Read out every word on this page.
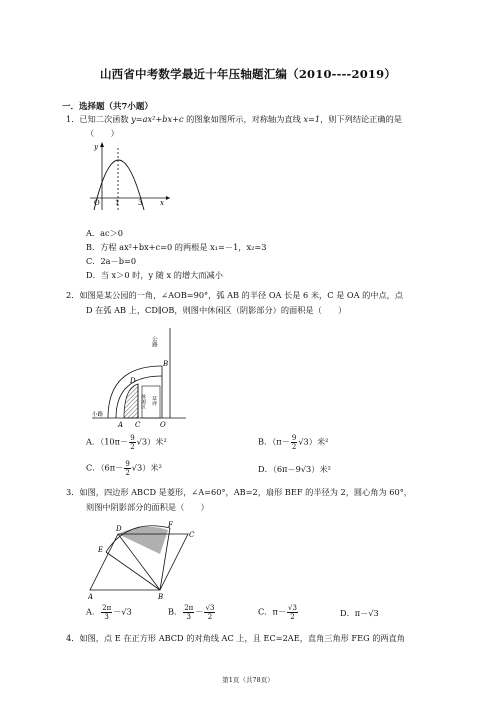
山西省中考数学最近十年压轴题汇编（2010----2019）
一．选择题（共7小题）
1．已知二次函数 y=ax²+bx+c 的图象如图所示，对称轴为直线 x=1，则下列结论正确的是
（　　）
y
O 1	3	x
A．ac＞0
B．方程 ax²+bx+c=0 的两根是 x₁=－1，x₂=3
C．2a－b=0
D．当 x＞0 时，y 随 x 的增大而减小
2．如图是某公园的一角，∠AOB=90°，弧 AB 的半径 OA 长是 6 米，C 是 OA 的中点，点
D 在弧 AB 上，CD∥OB，则图中休闲区（阴影部分）的面积是（　　）
公路
B
D
休闲区 草坪
小路
A C	O
A．$(10\pi- \frac{9}{2} √3)$米²	B．$(\pi- \frac{9}{2} √3)$米²
C．$(6\pi- \frac{9}{2} √3)$米²	D．（6π－9√3）米²
3．如图，四边形 ABCD 是菱形，∠A=60°，AB=2，扇形 BEF 的半径为 2，圆心角为 60°，
则图中阴影部分的面积是（　　）
D	F
C
E
A	B
A． $\frac{2\pi}{3} -√3$	B． $\frac{2\pi}{3} - \frac{√3}{2}$	C．$\pi- \frac{√3}{2}$	D．π－√3
4．如图，点 E 在正方形 ABCD 的对角线 AC 上，且 EC=2AE，直角三角形 FEG 的两直角
第1页（共78页）
